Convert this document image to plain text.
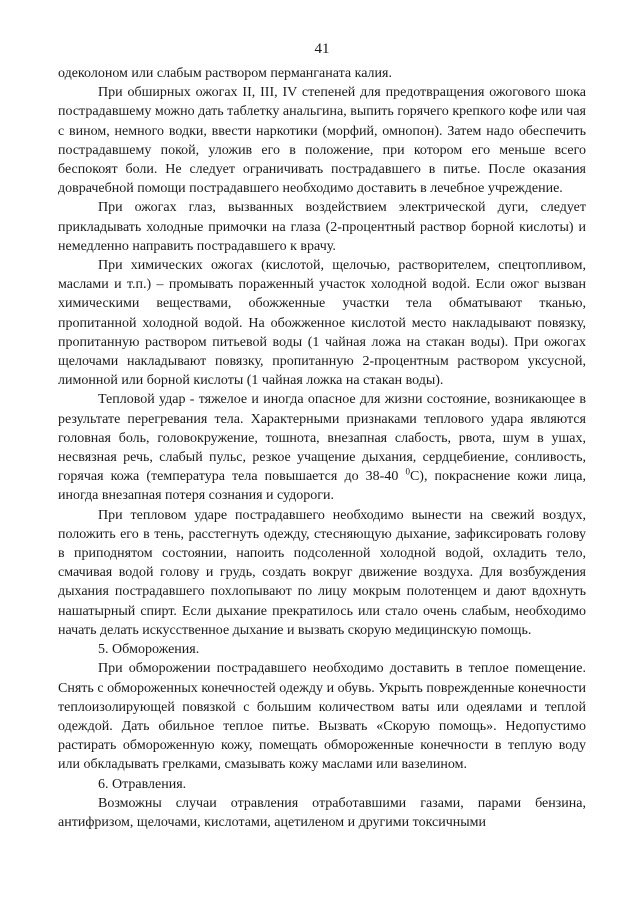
41

одеколоном или слабым раствором перманганата калия.

При обширных ожогах II, III, IV степеней для предотвращения ожогового шока пострадавшему можно дать таблетку анальгина, выпить горячего крепкого кофе или чая с вином, немного водки, ввести наркотики (морфий, омнопон). Затем надо обеспечить пострадавшему покой, уложив его в положение, при котором его меньше всего беспокоят боли. Не следует ограничивать пострадавшего в питье. После оказания доврачебной помощи пострадавшего необходимо доставить в лечебное учреждение.

При ожогах глаз, вызванных воздействием электрической дуги, следует прикладывать холодные примочки на глаза (2-процентный раствор борной кислоты) и немедленно направить пострадавшего к врачу.

При химических ожогах (кислотой, щелочью, растворителем, спецтопливом, маслами и т.п.) – промывать пораженный участок холодной водой. Если ожог вызван химическими веществами, обожженные участки тела обматывают тканью, пропитанной холодной водой. На обожженное кислотой место накладывают повязку, пропитанную раствором питьевой воды (1 чайная ложа на стакан воды). При ожогах щелочами накладывают повязку, пропитанную 2-процентным раствором уксусной, лимонной или борной кислоты (1 чайная ложка на стакан воды).

Тепловой удар - тяжелое и иногда опасное для жизни состояние, возникающее в результате перегревания тела. Характерными признаками теплового удара являются головная боль, головокружение, тошнота, внезапная слабость, рвота, шум в ушах, несвязная речь, слабый пульс, резкое учащение дыхания, сердцебиение, сонливость, горячая кожа (температура тела повышается до 38-40 $^0$С), покраснение кожи лица, иногда внезапная потеря сознания и судороги.

При тепловом ударе пострадавшего необходимо вынести на свежий воздух, положить его в тень, расстегнуть одежду, стесняющую дыхание, зафиксировать голову в приподнятом состоянии, напоить подсоленной холодной водой, охладить тело, смачивая водой голову и грудь, создать вокруг движение воздуха. Для возбуждения дыхания пострадавшего похлопывают по лицу мокрым полотенцем и дают вдохнуть нашатырный спирт. Если дыхание прекратилось или стало очень слабым, необходимо начать делать искусственное дыхание и вызвать скорую медицинскую помощь.

5. Обморожения.

При обморожении пострадавшего необходимо доставить в теплое помещение. Снять с обмороженных конечностей одежду и обувь. Укрыть поврежденные конечности теплоизолирующей повязкой с большим количеством ваты или одеялами и теплой одеждой. Дать обильное теплое питье. Вызвать «Скорую помощь». Недопустимо растирать обмороженную кожу, помещать обмороженные конечности в теплую воду или обкладывать грелками, смазывать кожу маслами или вазелином.

6. Отравления.

Возможны случаи отравления отработавшими газами, парами бензина, антифризом, щелочами, кислотами, ацетиленом и другими токсичными
